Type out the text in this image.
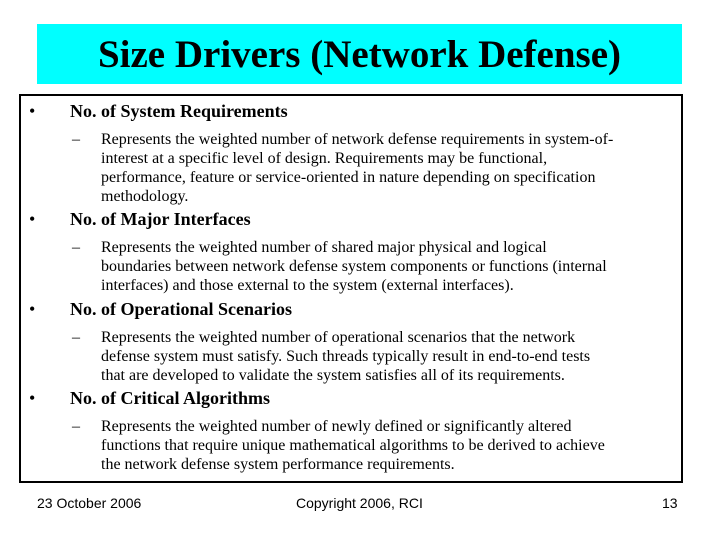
Size Drivers (Network Defense)
• No. of System Requirements
– Represents the weighted number of network defense requirements in system-of-
interest at a specific level of design. Requirements may be functional,
performance, feature or service-oriented in nature depending on specification
methodology.
• No. of Major Interfaces
– Represents the weighted number of shared major physical and logical
boundaries between network defense system components or functions (internal
interfaces) and those external to the system (external interfaces).
• No. of Operational Scenarios
– Represents the weighted number of operational scenarios that the network
defense system must satisfy. Such threads typically result in end-to-end tests
that are developed to validate the system satisfies all of its requirements.
• No. of Critical Algorithms
– Represents the weighted number of newly defined or significantly altered
functions that require unique mathematical algorithms to be derived to achieve
the network defense system performance requirements.
23 October 2006	Copyright 2006, RCI	13
